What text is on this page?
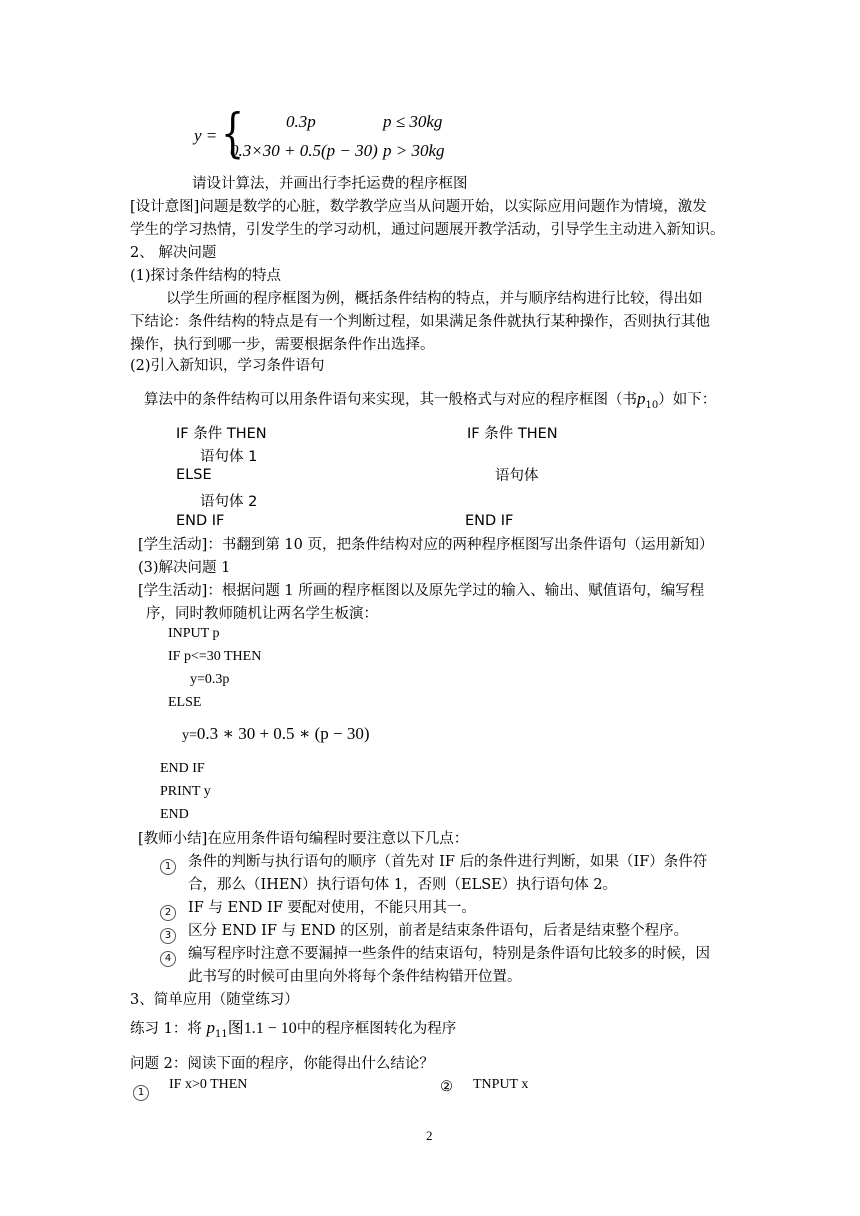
y = { 0.3p	p ≤ 30kg
0.3×30 + 0.5(p − 30) p > 30kg
请设计算法，并画出行李托运费的程序框图
[设计意图]问题是数学的心脏，数学教学应当从问题开始，以实际应用问题作为情境，激发
学生的学习热情，引发学生的学习动机，通过问题展开教学活动，引导学生主动进入新知识。
2、 解决问题
(1)探讨条件结构的特点
以学生所画的程序框图为例，概括条件结构的特点，并与顺序结构进行比较，得出如
下结论：条件结构的特点是有一个判断过程，如果满足条件就执行某种操作，否则执行其他
操作，执行到哪一步，需要根据条件作出选择。
(2)引入新知识，学习条件语句
算法中的条件结构可以用条件语句来实现，其一般格式与对应的程序框图（书$p_{10}$）如下：
IF 条件 THEN
语句体 1
ELSE
语句体 2
END IF
IF 条件 THEN
语句体
END IF
[学生活动]：书翻到第 10 页，把条件结构对应的两种程序框图写出条件语句（运用新知）
(3)解决问题 1
[学生活动]：根据问题 1 所画的程序框图以及原先学过的输入、输出、赋值语句，编写程
序，同时教师随机让两名学生板演：
INPUT p
IF p<=30 THEN
y=0.3p
ELSE
y=0.3 ∗ 30 + 0.5 ∗ (p − 30)
END IF
PRINT y
END
[教师小结]在应用条件语句编程时要注意以下几点：
1	条件的判断与执行语句的顺序（首先对 IF 后的条件进行判断，如果（IF）条件符
合，那么（IHEN）执行语句体 1，否则（ELSE）执行语句体 2。
2	IF 与 END IF 要配对使用，不能只用其一。
3	区分 END IF 与 END 的区别，前者是结束条件语句，后者是结束整个程序。
4	编写程序时注意不要漏掉一些条件的结束语句，特别是条件语句比较多的时候，因
此书写的时候可由里向外将每个条件结构错开位置。
3、简单应用（随堂练习）
练习 1：将 $p_{11}$图1.1 − 10中的程序框图转化为程序
问题 2：阅读下面的程序，你能得出什么结论？
1
IF x>0 THEN	② TNPUT x
2
